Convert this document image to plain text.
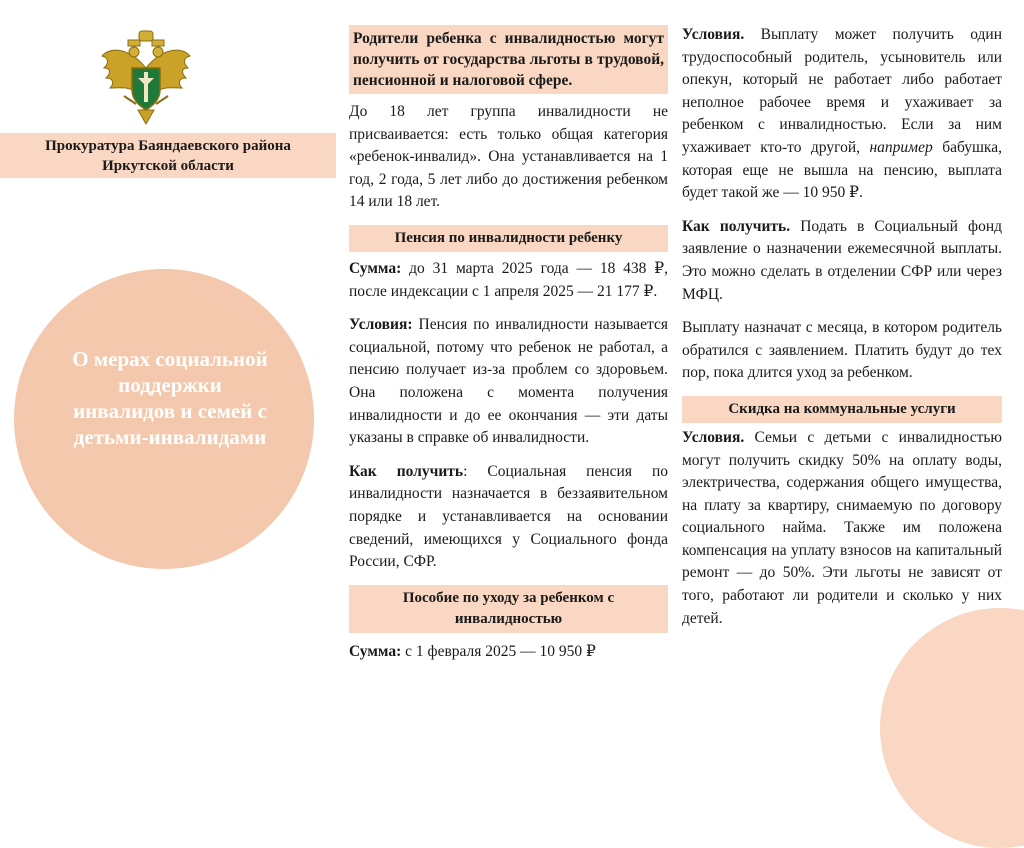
Прокуратура Баяндаевского района
Иркутской области
О мерах социальной
поддержки
инвалидов и семей с
детьми-инвалидами

Родители ребенка с инвалидностью могут получить от государства льготы в трудовой, пенсионной и налоговой сфере.

До 18 лет группа инвалидности не присваивается: есть только общая категория «ребенок-инвалид». Она устанавливается на 1 год, 2 года, 5 лет либо до достижения ребенком 14 или 18 лет.

Пенсия по инвалидности ребенку

Сумма: до 31 марта 2025 года — 18 438 ₽, после индексации с 1 апреля 2025 — 21 177 ₽.

Условия: Пенсия по инвалидности называется социальной, потому что ребенок не работал, а пенсию получает из-за проблем со здоровьем. Она положена с момента получения инвалидности и до ее окончания — эти даты указаны в справке об инвалидности.

Как получить: Социальная пенсия по инвалидности назначается в беззаявительном порядке и устанавливается на основании сведений, имеющихся у Социального фонда России, СФР.

Пособие по уходу за ребенком с инвалидностью

Сумма: с 1 февраля 2025 — 10 950 ₽

Условия. Выплату может получить один трудоспособный родитель, усыновитель или опекун, который не работает либо работает неполное рабочее время и ухаживает за ребенком с инвалидностью. Если за ним ухаживает кто-то другой, например бабушка, которая еще не вышла на пенсию, выплата будет такой же — 10 950 ₽.

Как получить. Подать в Социальный фонд заявление о назначении ежемесячной выплаты. Это можно сделать в отделении СФР или через МФЦ.

Выплату назначат с месяца, в котором родитель обратился с заявлением. Платить будут до тех пор, пока длится уход за ребенком.

Скидка на коммунальные услуги

Условия. Семьи с детьми с инвалидностью могут получить скидку 50% на оплату воды, электричества, содержания общего имущества, на плату за квартиру, снимаемую по договору социального найма. Также им положена компенсация на уплату взносов на капитальный ремонт — до 50%. Эти льготы не зависят от того, работают ли родители и сколько у них детей.
